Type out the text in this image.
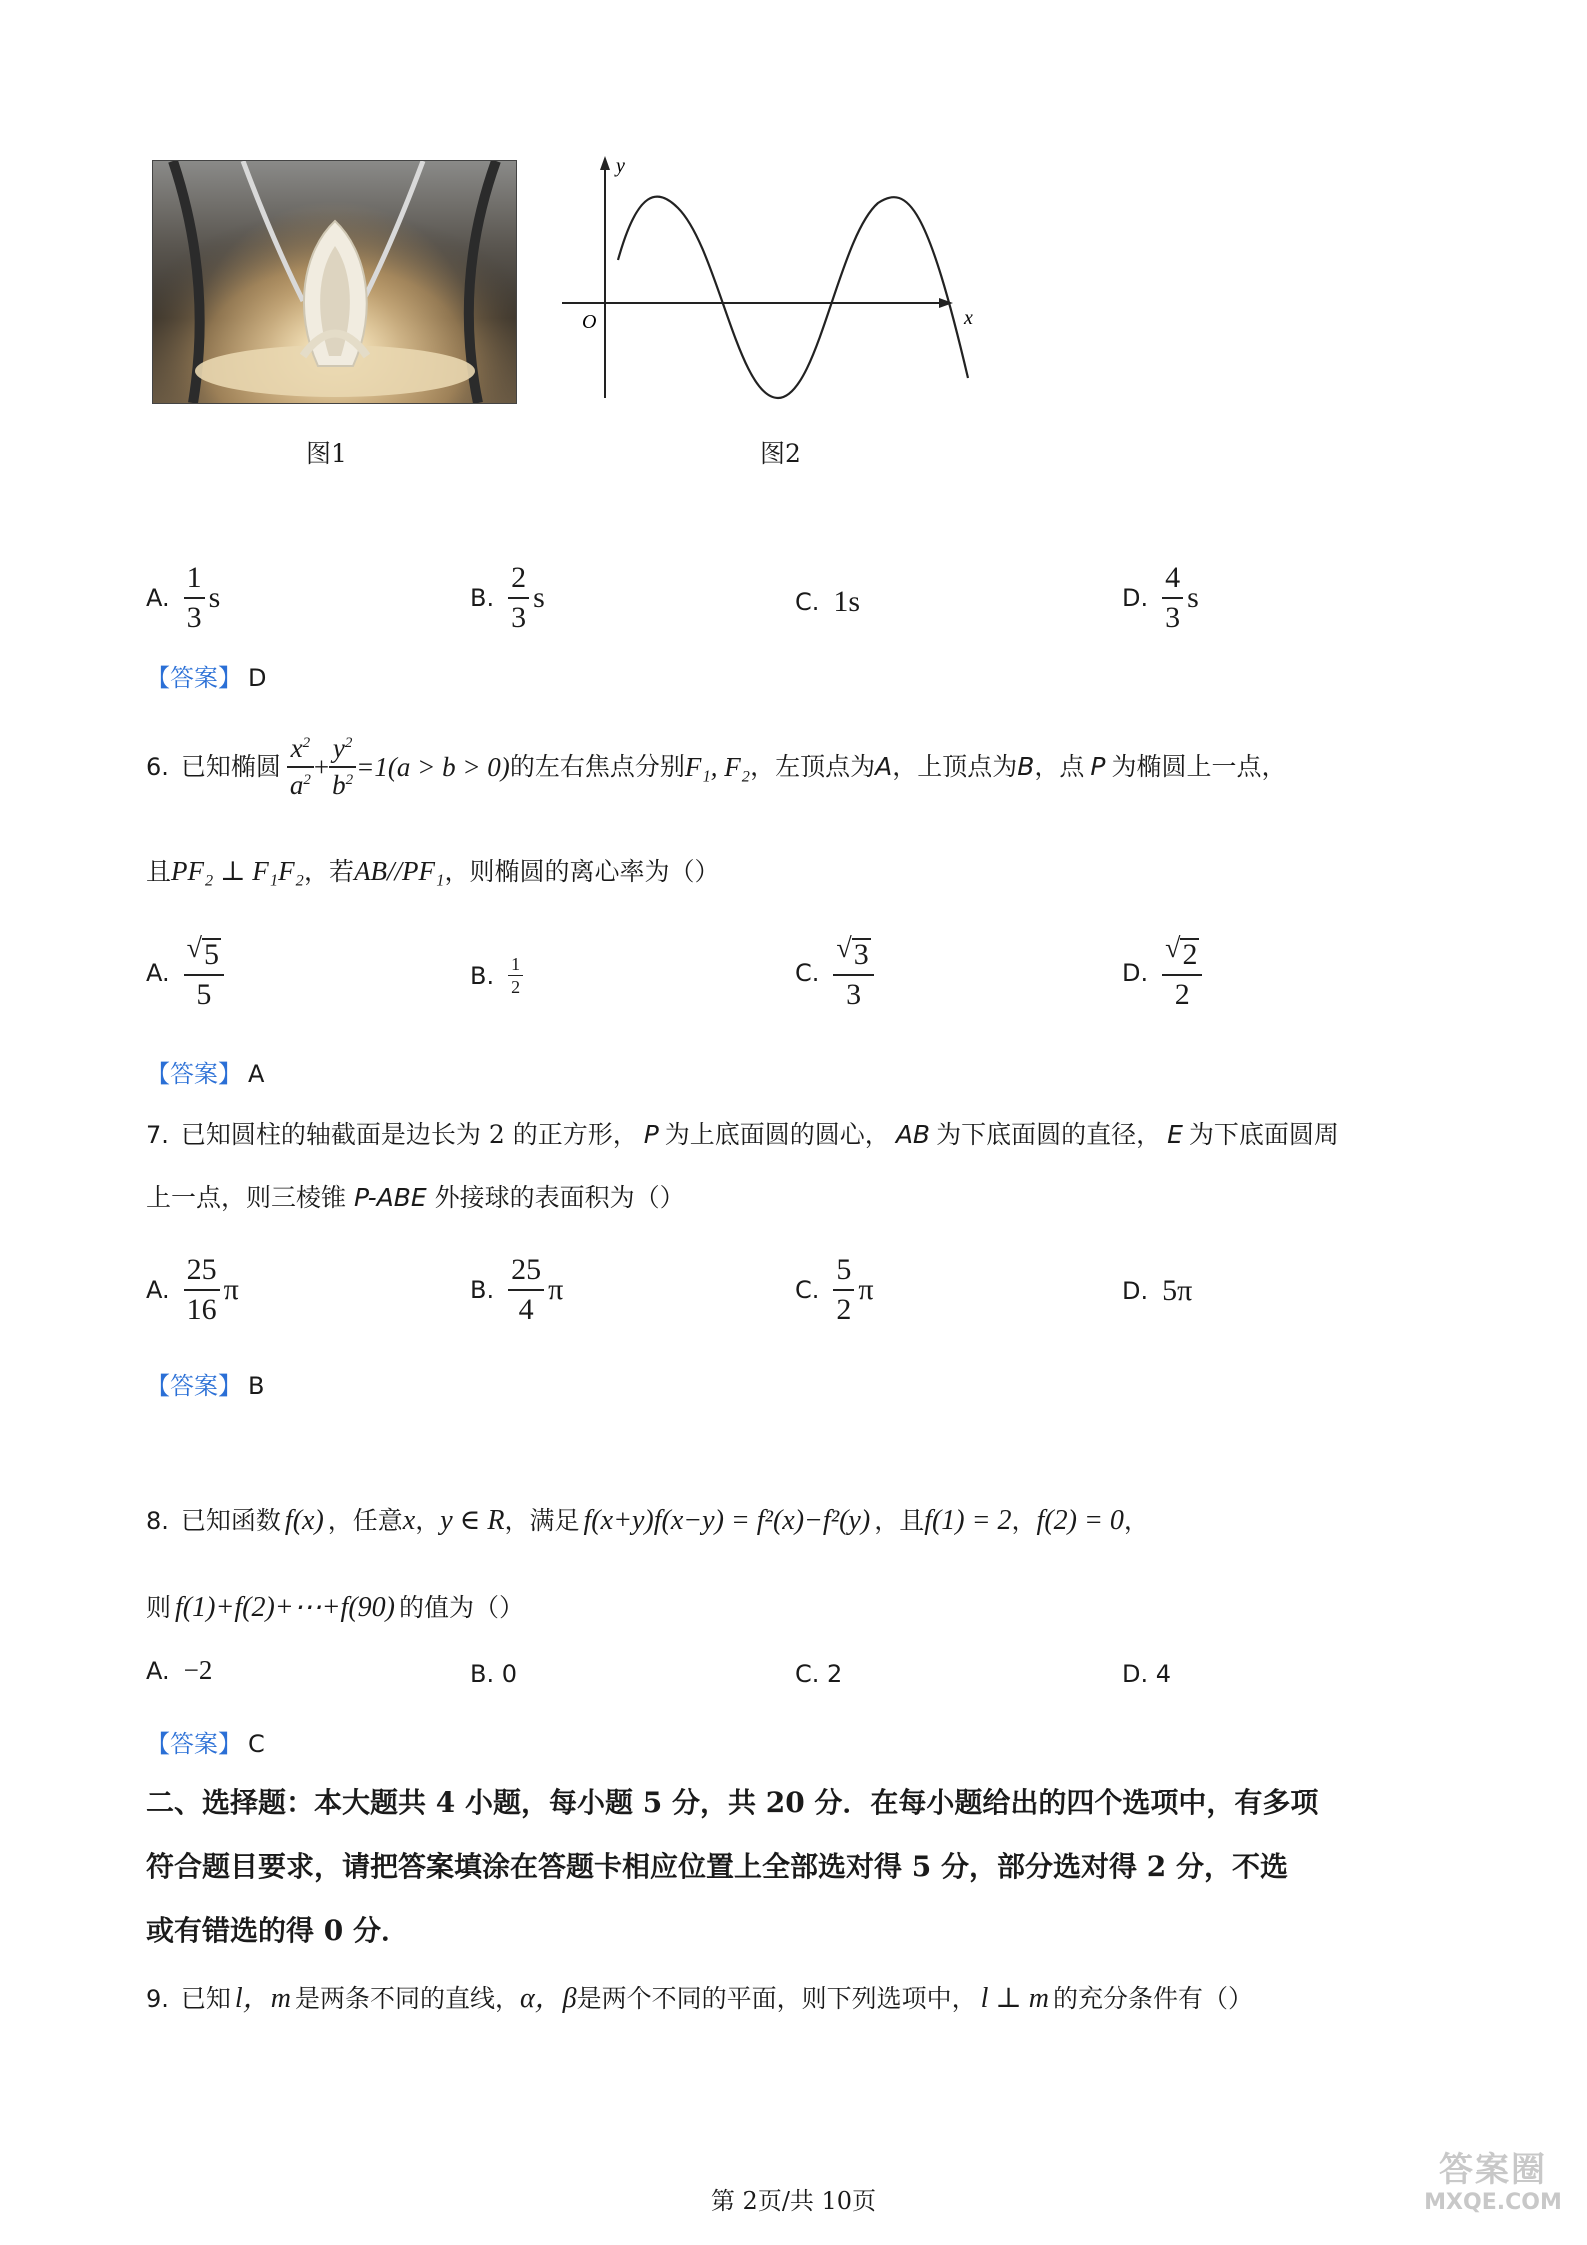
y
x
O
图1	图2
A. $\frac{1}{3}$ s	B. $\frac{2}{3}$ s	C. 1s	D. $\frac{4}{3}$ s
【答案】 D
6. 已知椭圆 $\frac{x^2}{a^2} + \frac{y^2}{b^2} =1(a > b > 0)$ 的左右焦点分别 F₁, F₂ ，左顶点为 A ，上顶点为 B ，点 P 为椭圆上一点，
且PF₂ ⊥ F₁F₂，若AB//PF₁，则椭圆的离心率为（）
A. $\frac{√ 5}{5}$	B. $\frac{1}{2}$	C. $\frac{√ 3}{3}$	D. $\frac{√ 2}{2}$
【答案】 A
7. 已知圆柱的轴截面是边长为 2 的正方形， P 为上底面圆的圆心， AB 为下底面圆的直径， E 为下底面圆周
上一点，则三棱锥 P-ABE 外接球的表面积为（）
A. $\frac{25}{16}$ π	B. $\frac{25}{4}$ π	C. $\frac{5}{2}$ π	D. 5π
【答案】 B
8. 已知函数 f(x) ，任意x，y ∈ R，满足 f(x+y)f(x−y) = f²(x)−f²(y) ，且f(1) = 2，f(2) = 0，
则 f(1)+f(2)+⋯+f(90) 的值为（）
A. −2	B. 0	C. 2	D. 4
【答案】 C
二、选择题：本大题共 4 小题，每小题 5 分，共 20 分．在每小题给出的四个选项中，有多项
符合题目要求，请把答案填涂在答题卡相应位置上全部选对得 5 分，部分选对得 2 分，不选
或有错选的得 0 分．
9. 已知 l，m 是两条不同的直线，α，β是两个不同的平面，则下列选项中， l ⊥ m 的充分条件有（）
第 2页/共 10页
答案圈
MXQE.COM
